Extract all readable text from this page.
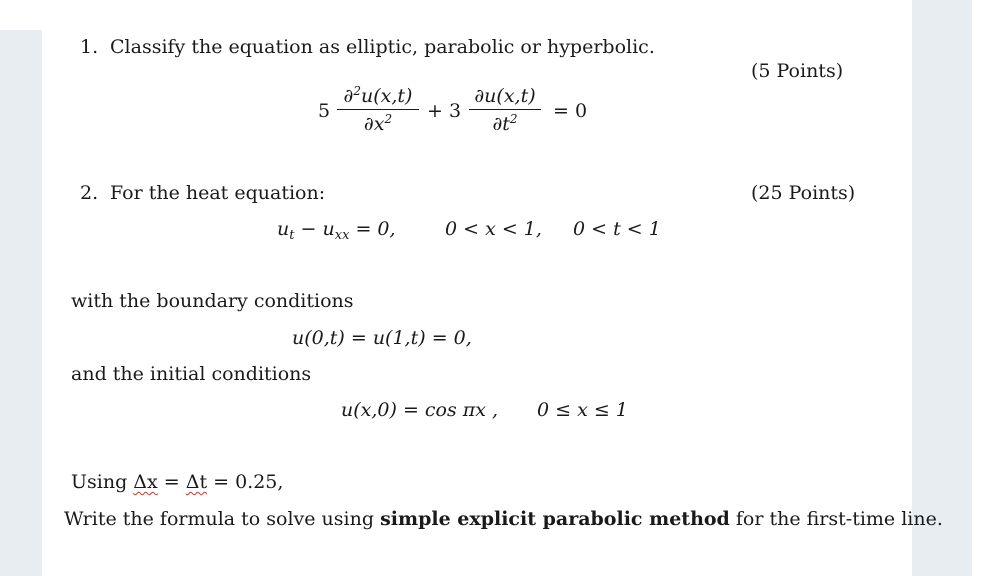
1. Classify the equation as elliptic, parabolic or hyperbolic.
(5 Points)
5
∂$^2$u(x,t)
$\partial x^2$	+ 3
∂u(x,t)
$\partial t^2$	= 0
2. For the heat equation:	(25 Points)
$u_t - u_{xx} = 0$,	0 < x < 1, 0 < t < 1
with the boundary conditions
u(0,t) = u(1,t) = 0,
and the initial conditions
u(x,0) = cos πx , 0 ≤ x ≤ 1
Using Δx = Δt = 0.25,
Write the formula to solve using simple explicit parabolic method for the first-time line.
